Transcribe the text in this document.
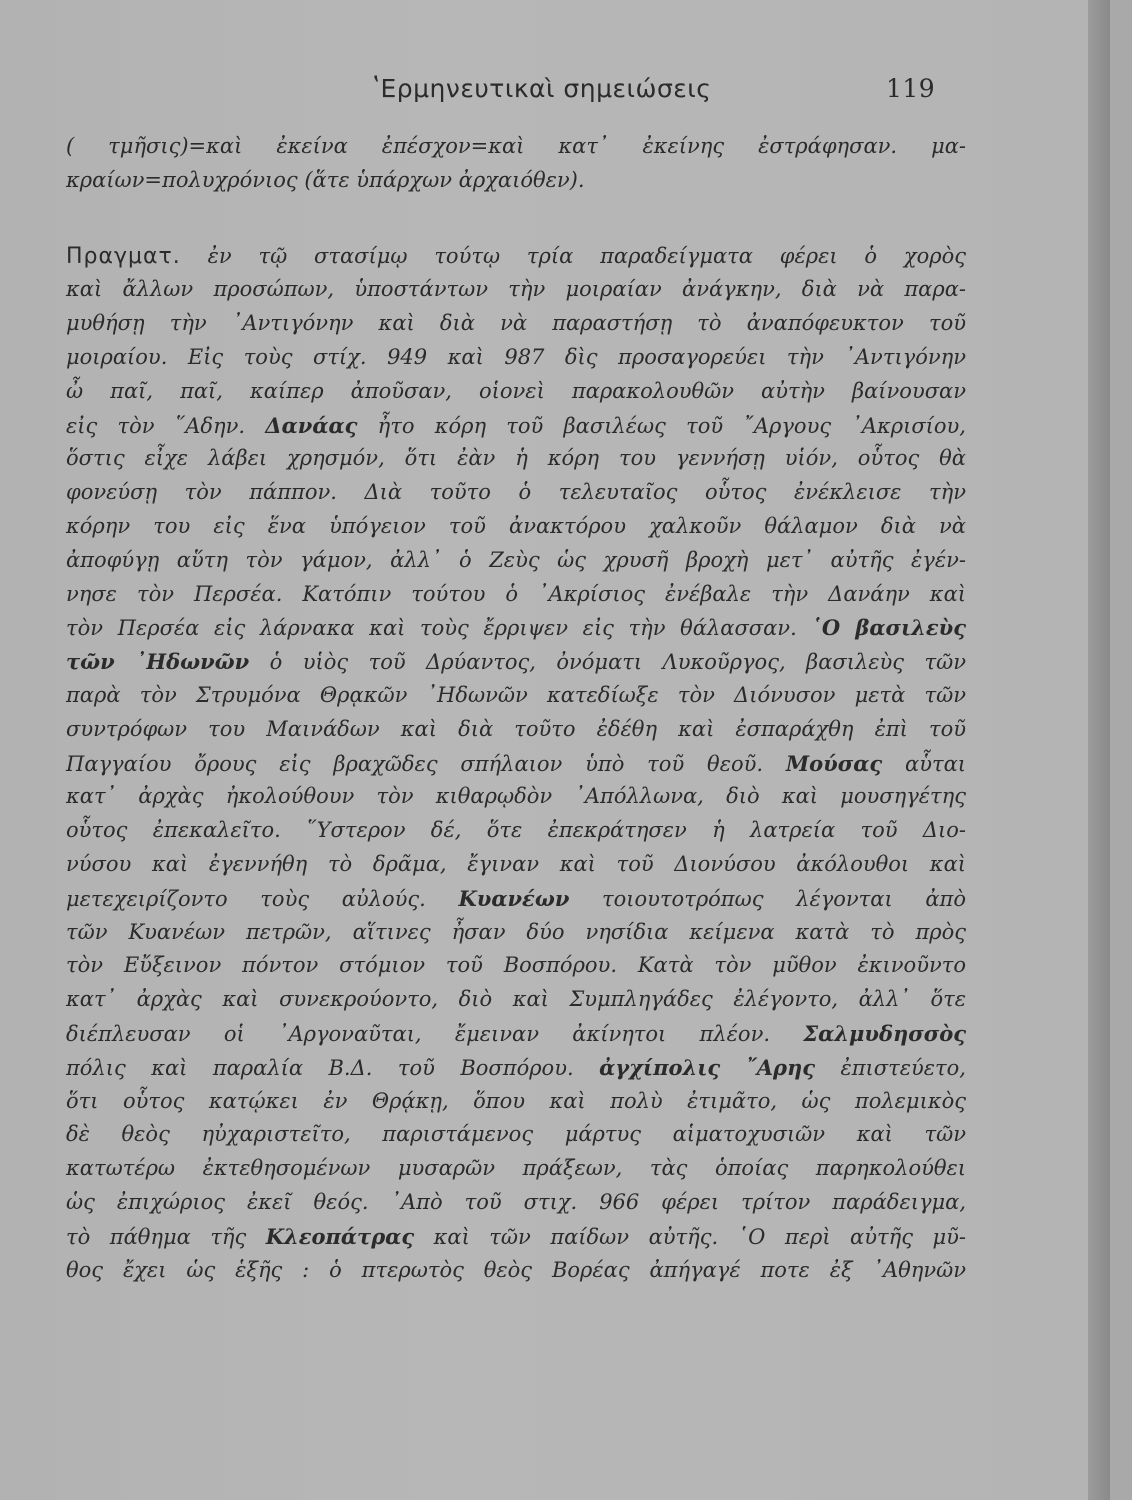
ʽΕρμηνευτικαὶ σημειώσεις	119
( τμῆσις)=καὶ ἐκείνα ἐπέσχον=καὶ κατ᾽ ἐκείνης ἐστράφησαν. μα-
κραίων=πολυχρόνιος (ἅτε ὑπάρχων ἀρχαιόθεν).
Πραγματ. ἐν τῷ στασίμῳ τούτῳ τρία παραδείγματα φέρει ὁ χορὸς
καὶ ἄλλων προσώπων, ὑποστάντων τὴν μοιραίαν ἀνάγκην, διὰ νὰ παρα-
μυθήσῃ τὴν ᾽Αντιγόνην καὶ διὰ νὰ παραστήσῃ τὸ ἀναπόφευκτον τοῦ
μοιραίου. Εἰς τοὺς στίχ. 949 καὶ 987 δὶς προσαγορεύει τὴν ᾽Αντιγόνην
ὦ παῖ, παῖ, καίπερ ἀποῦσαν, οἱονεὶ παρακολουθῶν αὐτὴν βαίνουσαν
εἰς τὸν ῞Αδην. Δανάας ἦτο κόρη τοῦ βασιλέως τοῦ ῎Αργους ᾽Ακρισίου,
ὅστις εἶχε λάβει χρησμόν, ὅτι ἐὰν ἡ κόρη του γεννήσῃ υἱόν, οὗτος θὰ
φονεύσῃ τὸν πάππον. Διὰ τοῦτο ὁ τελευταῖος οὗτος ἐνέκλεισε τὴν
κόρην του εἰς ἕνα ὑπόγειον τοῦ ἀνακτόρου χαλκοῦν θάλαμον διὰ νὰ
ἀποφύγῃ αὕτη τὸν γάμον, ἀλλ᾽ ὁ Ζεὺς ὡς χρυσῆ βροχὴ μετ᾽ αὐτῆς ἐγέν-
νησε τὸν Περσέα. Κατόπιν τούτου ὁ ᾽Ακρίσιος ἐνέβαλε τὴν Δανάην καὶ
τὸν Περσέα εἰς λάρνακα καὶ τοὺς ἔρριψεν εἰς τὴν θάλασσαν. ῾Ο βασιλεὺς
τῶν ᾽Ηδωνῶν ὁ υἱὸς τοῦ Δρύαντος, ὀνόματι Λυκοῦργος, βασιλεὺς τῶν
παρὰ τὸν Στρυμόνα Θρᾳκῶν ᾽Ηδωνῶν κατεδίωξε τὸν Διόνυσον μετὰ τῶν
συντρόφων του Μαινάδων καὶ διὰ τοῦτο ἐδέθη καὶ ἐσπαράχθη ἐπὶ τοῦ
Παγγαίου ὄρους εἰς βραχῶδες σπήλαιον ὑπὸ τοῦ θεοῦ. Μούσας αὗται
κατ᾽ ἀρχὰς ἠκολούθουν τὸν κιθαρῳδὸν ᾽Απόλλωνα, διὸ καὶ μουσηγέτης
οὗτος ἐπεκαλεῖτο. ῞Υστερον δέ, ὅτε ἐπεκράτησεν ἡ λατρεία τοῦ Διο-
νύσου καὶ ἐγεννήθη τὸ δρᾶμα, ἔγιναν καὶ τοῦ Διονύσου ἀκόλουθοι καὶ
μετεχειρίζοντο τοὺς αὐλούς. Κυανέων τοιουτοτρόπως λέγονται ἀπὸ
τῶν Κυανέων πετρῶν, αἵτινες ἦσαν δύο νησίδια κείμενα κατὰ τὸ πρὸς
τὸν Εὔξεινον πόντον στόμιον τοῦ Βοσπόρου. Κατὰ τὸν μῦθον ἐκινοῦντο
κατ᾽ ἀρχὰς καὶ συνεκρούοντο, διὸ καὶ Συμπληγάδες ἐλέγοντο, ἀλλ᾽ ὅτε
διέπλευσαν οἱ ᾽Αργοναῦται, ἔμειναν ἀκίνητοι πλέον. Σαλμυδησσὸς
πόλις καὶ παραλία Β.Δ. τοῦ Βοσπόρου. ἀγχίπολις ῎Αρης ἐπιστεύετο,
ὅτι οὗτος κατῴκει ἐν Θρᾴκῃ, ὅπου καὶ πολὺ ἐτιμᾶτο, ὡς πολεμικὸς
δὲ θεὸς ηὐχαριστεῖτο, παριστάμενος μάρτυς αἱματοχυσιῶν καὶ τῶν
κατωτέρω ἐκτεθησομένων μυσαρῶν πράξεων, τὰς ὁποίας παρηκολούθει
ὡς ἐπιχώριος ἐκεῖ θεός. ᾽Απὸ τοῦ στιχ. 966 φέρει τρίτον παράδειγμα,
τὸ πάθημα τῆς Κλεοπάτρας καὶ τῶν παίδων αὐτῆς. ῾Ο περὶ αὐτῆς μῦ-
θος ἔχει ὡς ἑξῆς : ὁ πτερωτὸς θεὸς Βορέας ἀπήγαγέ ποτε ἐξ ᾽Αθηνῶν
